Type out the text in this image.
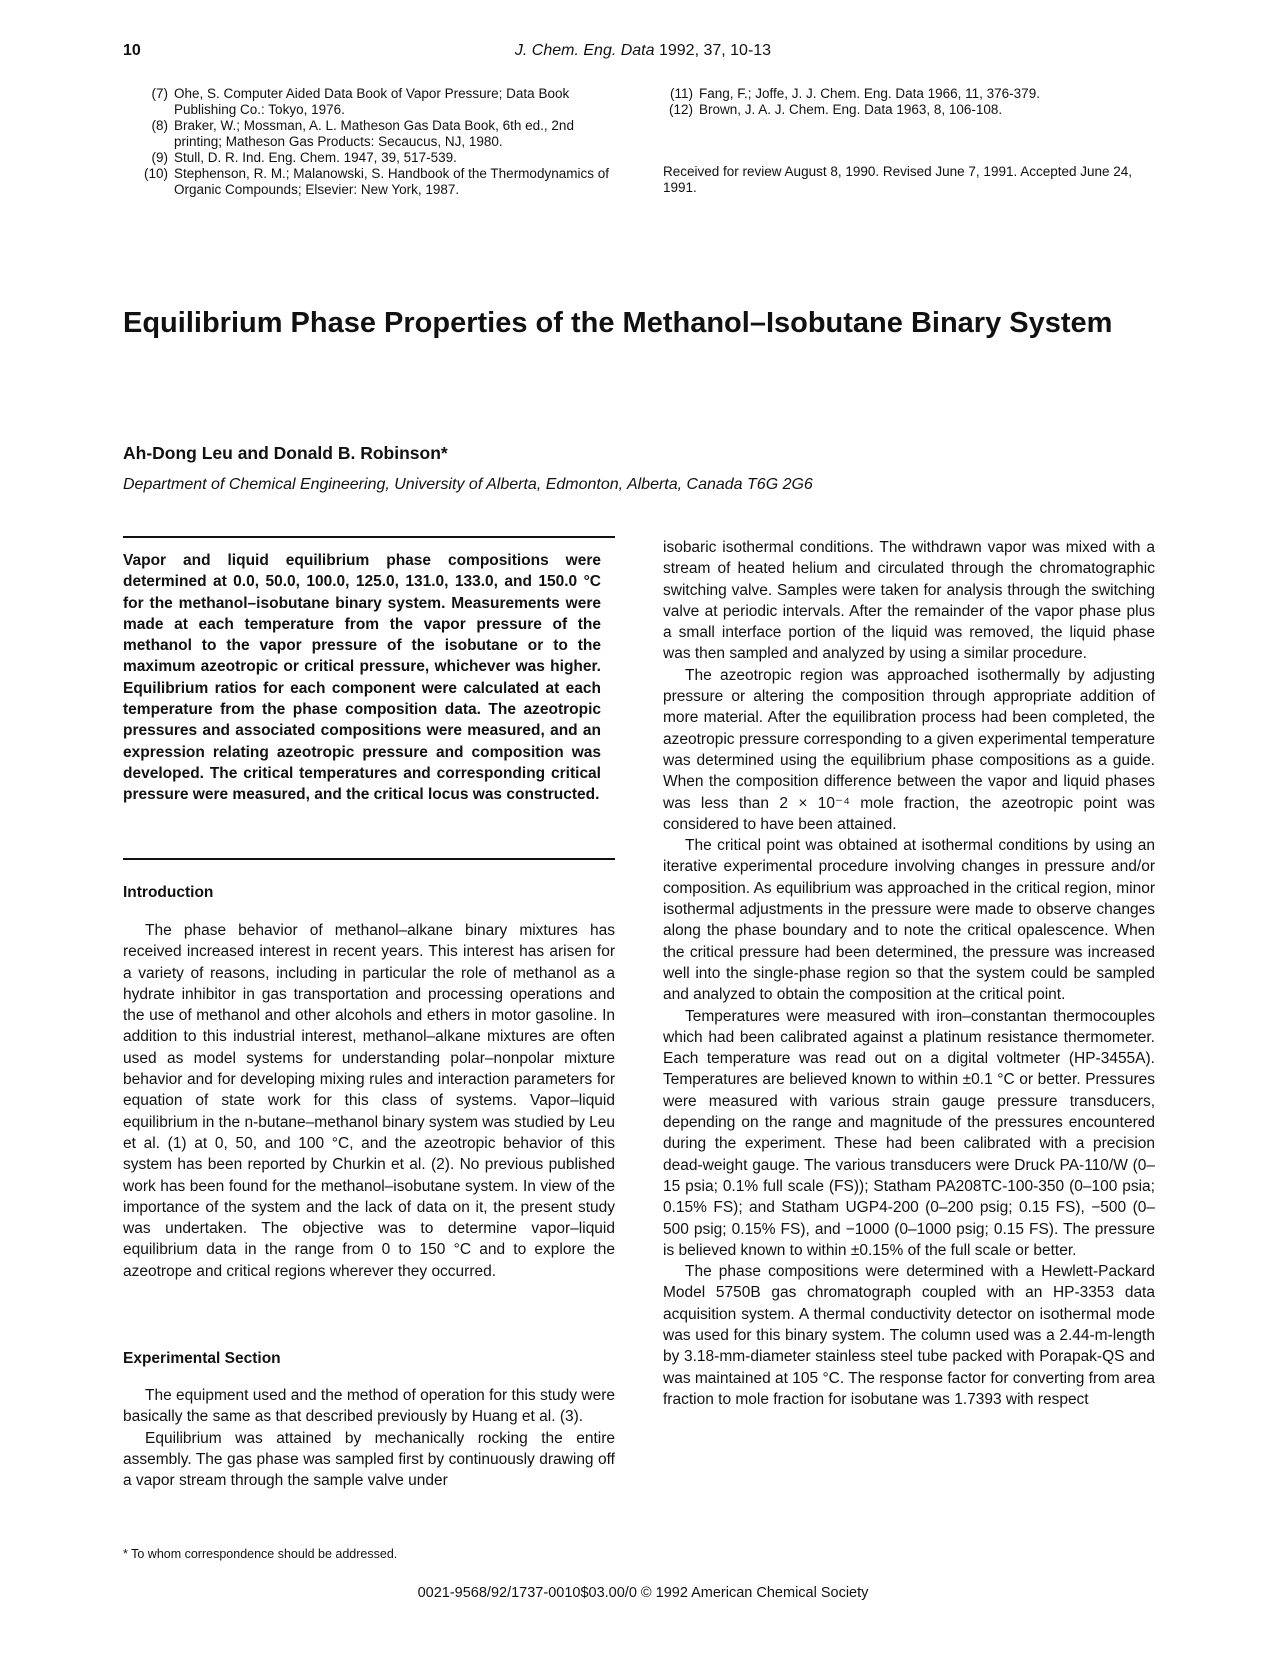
10	J. Chem. Eng. Data 1992, 37, 10-13
(7) Ohe, S. Computer Aided Data Book of Vapor Pressure; Data Book Publishing Co.: Tokyo, 1976.
(8) Braker, W.; Mossman, A. L. Matheson Gas Data Book, 6th ed., 2nd printing; Matheson Gas Products: Secaucus, NJ, 1980.
(9) Stull, D. R. Ind. Eng. Chem. 1947, 39, 517-539.
(10) Stephenson, R. M.; Malanowski, S. Handbook of the Thermodynamics of Organic Compounds; Elsevier: New York, 1987.
(11) Fang, F.; Joffe, J. J. Chem. Eng. Data 1966, 11, 376-379.
(12) Brown, J. A. J. Chem. Eng. Data 1963, 8, 106-108.
Received for review August 8, 1990. Revised June 7, 1991. Accepted June 24, 1991.
Equilibrium Phase Properties of the Methanol–Isobutane Binary System
Ah-Dong Leu and Donald B. Robinson*
Department of Chemical Engineering, University of Alberta, Edmonton, Alberta, Canada T6G 2G6
Vapor and liquid equilibrium phase compositions were determined at 0.0, 50.0, 100.0, 125.0, 131.0, 133.0, and 150.0 °C for the methanol–isobutane binary system. Measurements were made at each temperature from the vapor pressure of the methanol to the vapor pressure of the isobutane or to the maximum azeotropic or critical pressure, whichever was higher. Equilibrium ratios for each component were calculated at each temperature from the phase composition data. The azeotropic pressures and associated compositions were measured, and an expression relating azeotropic pressure and composition was developed. The critical temperatures and corresponding critical pressure were measured, and the critical locus was constructed.
Introduction

The phase behavior of methanol–alkane binary mixtures has received increased interest in recent years. This interest has arisen for a variety of reasons, including in particular the role of methanol as a hydrate inhibitor in gas transportation and processing operations and the use of methanol and other alcohols and ethers in motor gasoline. In addition to this industrial interest, methanol–alkane mixtures are often used as model systems for understanding polar–nonpolar mixture behavior and for developing mixing rules and interaction parameters for equation of state work for this class of systems. Vapor–liquid equilibrium in the n-butane–methanol binary system was studied by Leu et al. (1) at 0, 50, and 100 °C, and the azeotropic behavior of this system has been reported by Churkin et al. (2). No previous published work has been found for the methanol–isobutane system. In view of the importance of the system and the lack of data on it, the present study was undertaken. The objective was to determine vapor–liquid equilibrium data in the range from 0 to 150 °C and to explore the azeotrope and critical regions wherever they occurred.

Experimental Section

The equipment used and the method of operation for this study were basically the same as that described previously by Huang et al. (3).

Equilibrium was attained by mechanically rocking the entire assembly. The gas phase was sampled first by continuously drawing off a vapor stream through the sample valve under

* To whom correspondence should be addressed.

isobaric isothermal conditions. The withdrawn vapor was mixed with a stream of heated helium and circulated through the chromatographic switching valve. Samples were taken for analysis through the switching valve at periodic intervals. After the remainder of the vapor phase plus a small interface portion of the liquid was removed, the liquid phase was then sampled and analyzed by using a similar procedure.

The azeotropic region was approached isothermally by adjusting pressure or altering the composition through appropriate addition of more material. After the equilibration process had been completed, the azeotropic pressure corresponding to a given experimental temperature was determined using the equilibrium phase compositions as a guide. When the composition difference between the vapor and liquid phases was less than 2 × 10⁻⁴ mole fraction, the azeotropic point was considered to have been attained.

The critical point was obtained at isothermal conditions by using an iterative experimental procedure involving changes in pressure and/or composition. As equilibrium was approached in the critical region, minor isothermal adjustments in the pressure were made to observe changes along the phase boundary and to note the critical opalescence. When the critical pressure had been determined, the pressure was increased well into the single-phase region so that the system could be sampled and analyzed to obtain the composition at the critical point.

Temperatures were measured with iron–constantan thermocouples which had been calibrated against a platinum resistance thermometer. Each temperature was read out on a digital voltmeter (HP-3455A). Temperatures are believed known to within ±0.1 °C or better. Pressures were measured with various strain gauge pressure transducers, depending on the range and magnitude of the pressures encountered during the experiment. These had been calibrated with a precision dead-weight gauge. The various transducers were Druck PA-110/W (0–15 psia; 0.1% full scale (FS)); Statham PA208TC-100-350 (0–100 psia; 0.15% FS); and Statham UGP4-200 (0–200 psig; 0.15 FS), −500 (0–500 psig; 0.15% FS), and −1000 (0–1000 psig; 0.15 FS). The pressure is believed known to within ±0.15% of the full scale or better.

The phase compositions were determined with a Hewlett-Packard Model 5750B gas chromatograph coupled with an HP-3353 data acquisition system. A thermal conductivity detector on isothermal mode was used for this binary system. The column used was a 2.44-m-length by 3.18-mm-diameter stainless steel tube packed with Porapak-QS and was maintained at 105 °C. The response factor for converting from area fraction to mole fraction for isobutane was 1.7393 with respect

0021-9568/92/1737-0010$03.00/0 © 1992 American Chemical Society
